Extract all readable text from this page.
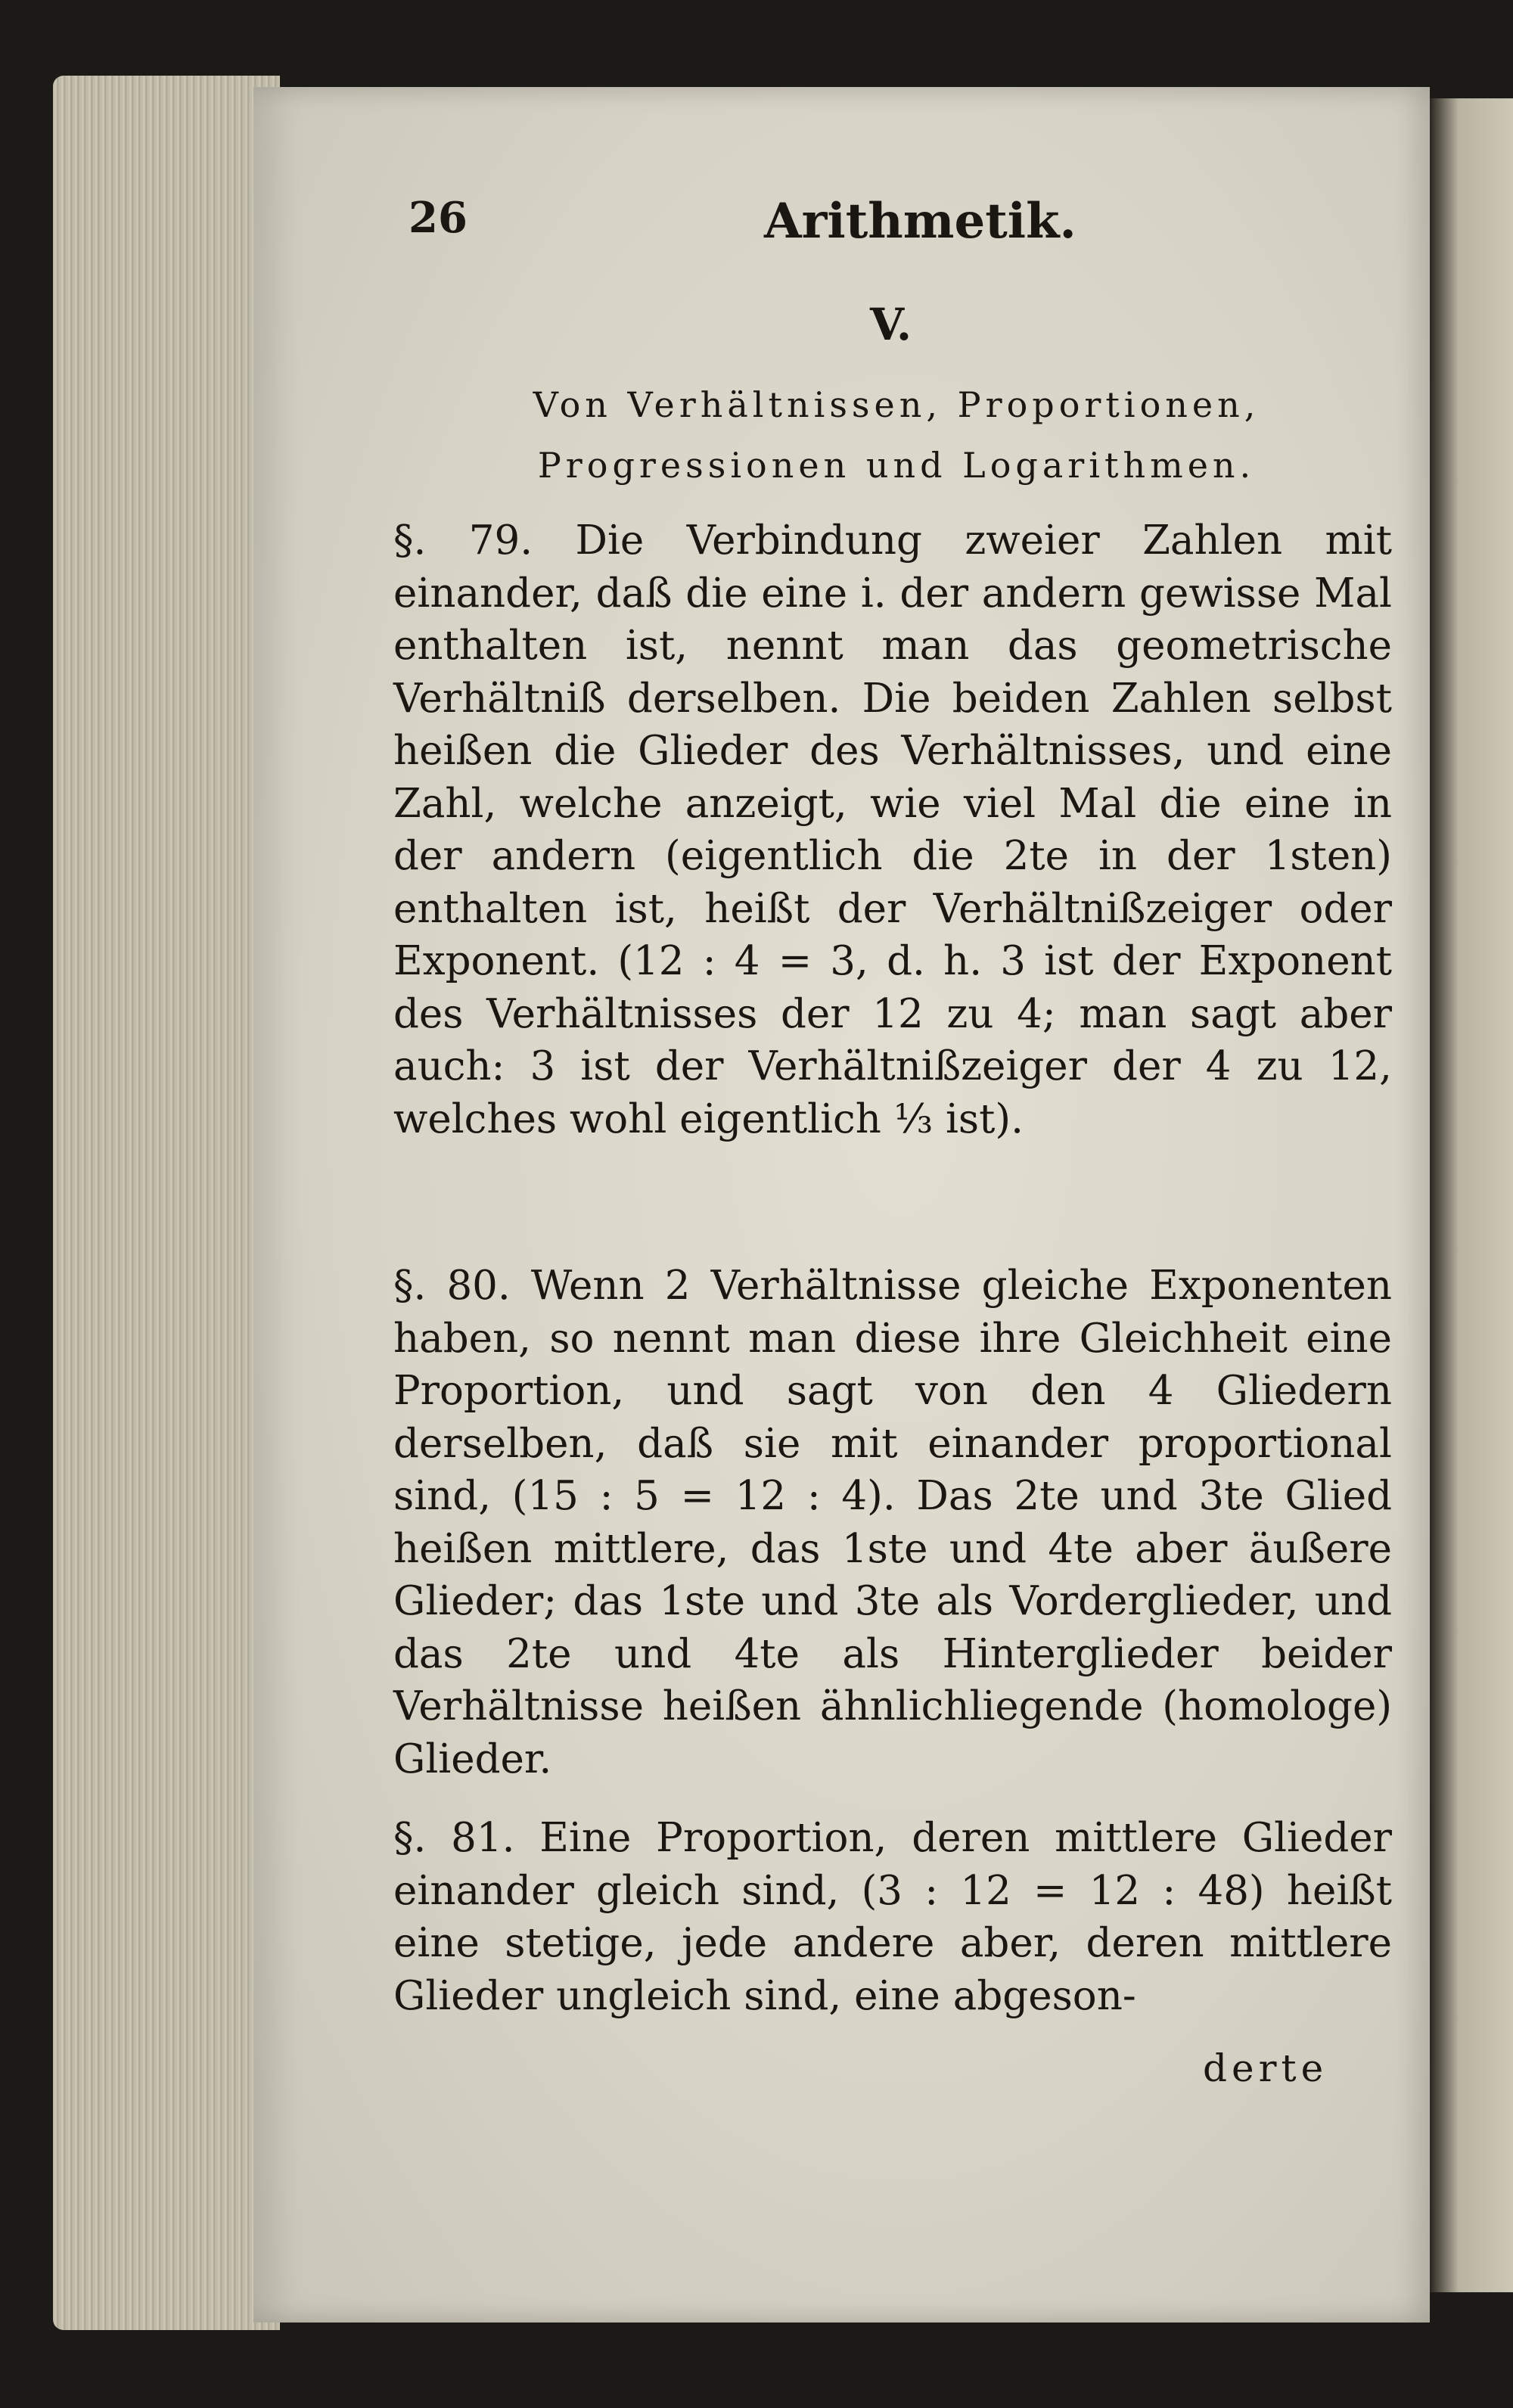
26	Arithmetik.
V.
Von Verhältnissen, Proportionen, Progressionen und Logarithmen.
§. 79. Die Verbindung zweier Zahlen mit einander, daß die eine i. der andern gewisse Mal enthalten ist, nennt man das geometrische Verhältniß derselben. Die beiden Zahlen selbst heißen die Glieder des Verhältnisses, und eine Zahl, welche anzeigt, wie viel Mal die eine in der andern (eigentlich die 2te in der 1sten) enthalten ist, heißt der Verhältnißzeiger oder Exponent. (12 : 4 = 3, d. h. 3 ist der Exponent des Verhältnisses der 12 zu 4; man sagt aber auch: 3 ist der Verhältnißzeiger der 4 zu 12, welches wohl eigentlich ⅓ ist).
§. 80. Wenn 2 Verhältnisse gleiche Exponenten haben, so nennt man diese ihre Gleichheit eine Proportion, und sagt von den 4 Gliedern derselben, daß sie mit einander proportional sind, (15 : 5 = 12 : 4). Das 2te und 3te Glied heißen mittlere, das 1ste und 4te aber äußere Glieder; das 1ste und 3te als Vorderglieder, und das 2te und 4te als Hinterglieder beider Verhältnisse heißen ähnlichliegende (homologe) Glieder.
§. 81. Eine Proportion, deren mittlere Glieder einander gleich sind, (3 : 12 = 12 : 48) heißt eine stetige, jede andere aber, deren mittlere Glieder ungleich sind, eine abgeson-
derte
